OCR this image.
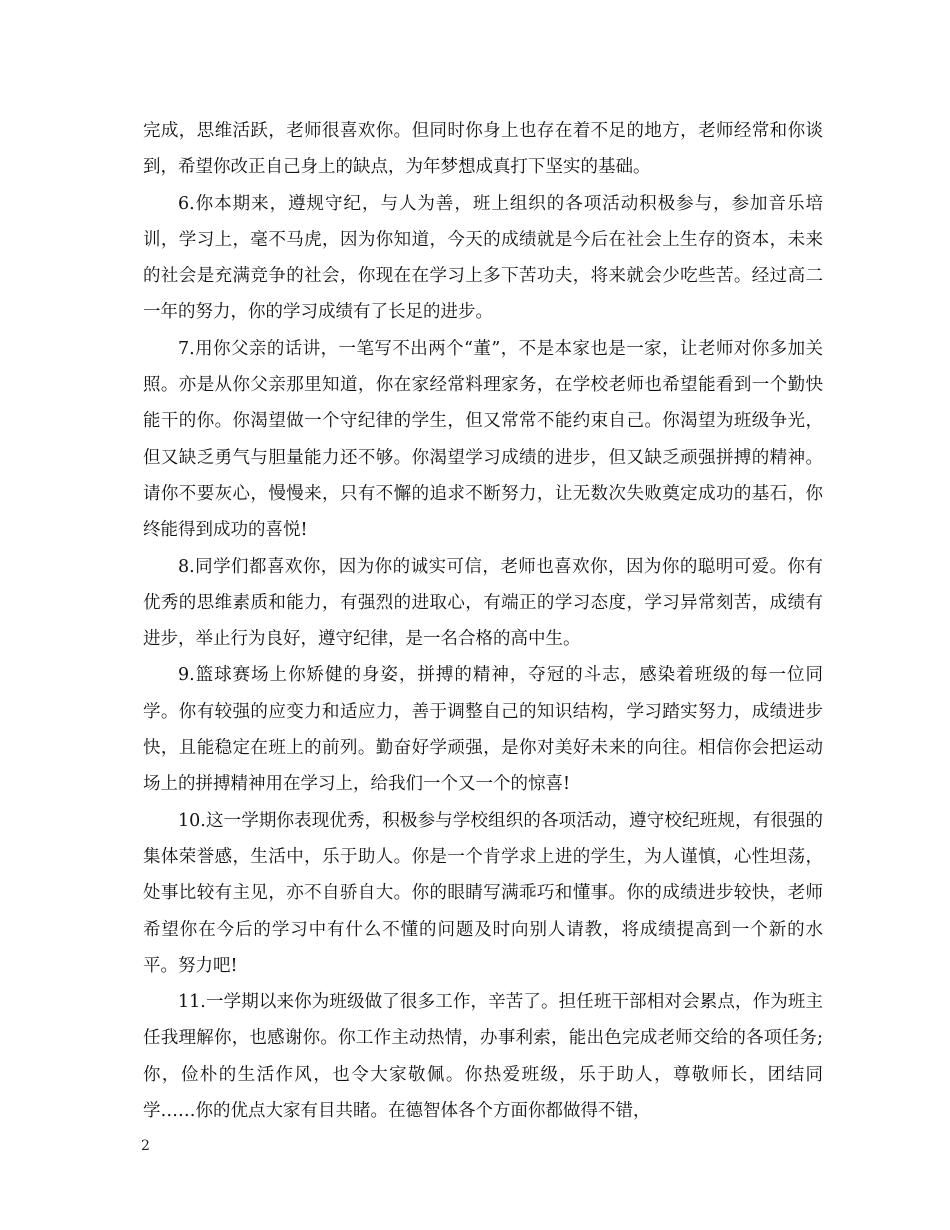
完成，思维活跃，老师很喜欢你。但同时你身上也存在着不足的地方，老师经常和你谈到，希望你改正自己身上的缺点，为年梦想成真打下坚实的基础。

6.你本期来，遵规守纪，与人为善，班上组织的各项活动积极参与，参加音乐培训，学习上，毫不马虎，因为你知道，今天的成绩就是今后在社会上生存的资本，未来的社会是充满竞争的社会，你现在在学习上多下苦功夫，将来就会少吃些苦。经过高二一年的努力，你的学习成绩有了长足的进步。

7.用你父亲的话讲，一笔写不出两个“董”，不是本家也是一家，让老师对你多加关照。亦是从你父亲那里知道，你在家经常料理家务，在学校老师也希望能看到一个勤快能干的你。你渴望做一个守纪律的学生，但又常常不能约束自己。你渴望为班级争光，但又缺乏勇气与胆量能力还不够。你渴望学习成绩的进步，但又缺乏顽强拼搏的精神。请你不要灰心，慢慢来，只有不懈的追求不断努力，让无数次失败奠定成功的基石，你终能得到成功的喜悦!

8.同学们都喜欢你，因为你的诚实可信，老师也喜欢你，因为你的聪明可爱。你有优秀的思维素质和能力，有强烈的进取心，有端正的学习态度，学习异常刻苦，成绩有进步，举止行为良好，遵守纪律，是一名合格的高中生。

9.篮球赛场上你矫健的身姿，拼搏的精神，夺冠的斗志，感染着班级的每一位同学。你有较强的应变力和适应力，善于调整自己的知识结构，学习踏实努力，成绩进步快，且能稳定在班上的前列。勤奋好学顽强，是你对美好未来的向往。相信你会把运动场上的拼搏精神用在学习上，给我们一个又一个的惊喜!

10.这一学期你表现优秀，积极参与学校组织的各项活动，遵守校纪班规，有很强的集体荣誉感，生活中，乐于助人。你是一个肯学求上进的学生，为人谨慎，心性坦荡，处事比较有主见，亦不自骄自大。你的眼睛写满乖巧和懂事。你的成绩进步较快，老师希望你在今后的学习中有什么不懂的问题及时向别人请教，将成绩提高到一个新的水平。努力吧!

11.一学期以来你为班级做了很多工作，辛苦了。担任班干部相对会累点，作为班主任我理解你，也感谢你。你工作主动热情，办事利索，能出色完成老师交给的各项任务;你，俭朴的生活作风，也令大家敬佩。你热爱班级，乐于助人，尊敬师长，团结同学……你的优点大家有目共睹。在德智体各个方面你都做得不错，

2
